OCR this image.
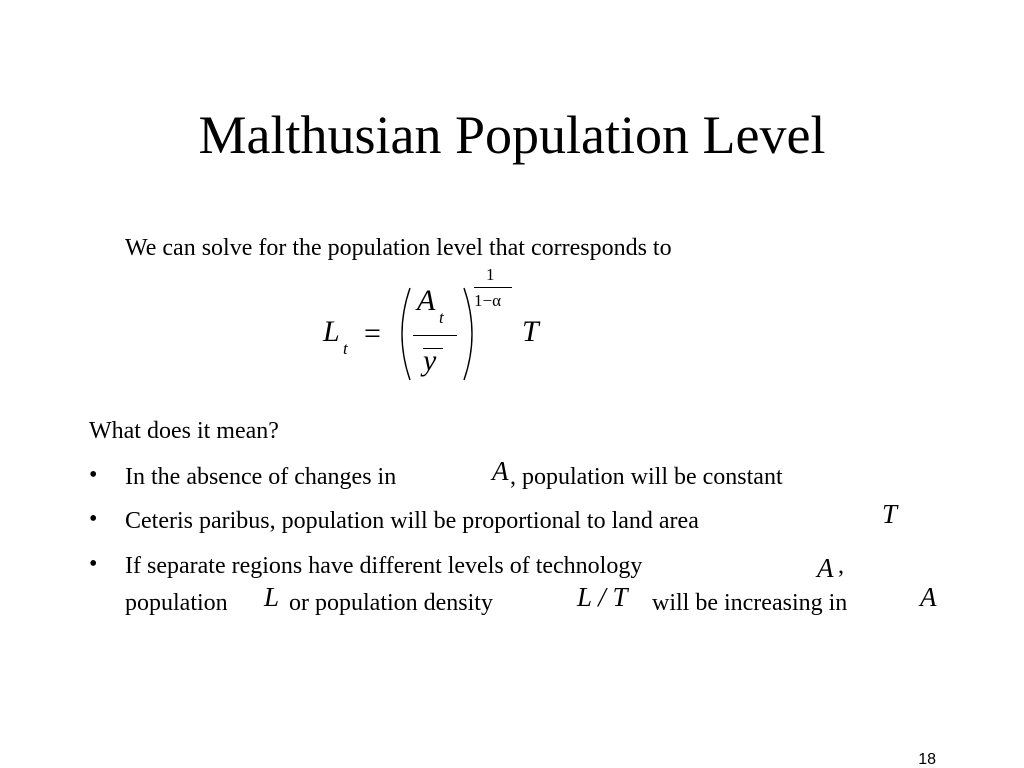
Malthusian Population Level
We can solve for the population level that corresponds to
L
t =
A
t
y
1
1−α
T
What does it mean?
• In the absence of changes in	A , population will be constant
• Ceteris paribus, population will be proportional to land area	T
• If separate regions have different levels of technology	A ,
population L or population density	L / T will be increasing in	A
18
